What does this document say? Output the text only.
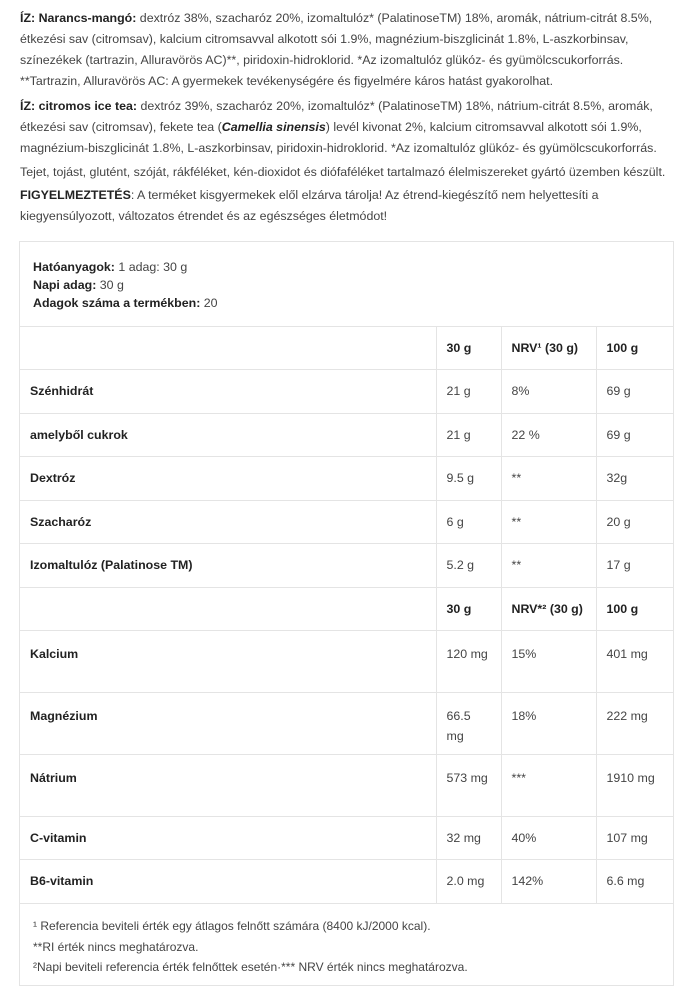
ÍZ: Narancs-mangó: dextróz 38%, szacharóz 20%, izomaltulóz* (PalatinoseTM) 18%, aromák, nátrium-citrát 8.5%, étkezési sav (citromsav), kalcium citromsavval alkotott sói 1.9%, magnézium-biszglicinát 1.8%, L-aszkorbinsav, színezékek (tartrazin, Alluravörös AC)**, piridoxin-hidroklorid. *Az izomaltulóz glükóz- és gyümölcscukorforrás. **Tartrazin, Alluravörös AC: A gyermekek tevékenységére és figyelmére káros hatást gyakorolhat.

ÍZ: citromos ice tea: dextróz 39%, szacharóz 20%, izomaltulóz* (PalatinoseTM) 18%, nátrium-citrát 8.5%, aromák, étkezési sav (citromsav), fekete tea (Camellia sinensis) levél kivonat 2%, kalcium citromsavval alkotott sói 1.9%, magnézium-biszglicinát 1.8%, L-aszkorbinsav, piridoxin-hidroklorid. *Az izomaltulóz glükóz- és gyümölcscukorforrás.

Tejet, tojást, glutént, szóját, rákféléket, kén-dioxidot és diófaféléket tartalmazó élelmiszereket gyártó üzemben készült.

FIGYELMEZTETÉS: A terméket kisgyermekek elől elzárva tárolja! Az étrend-kiegészítő nem helyettesíti a kiegyensúlyozott, változatos étrendet és az egészséges életmódot!

Hatóanyagok: 1 adag: 30 g
Napi adag: 30 g
Adagok száma a termékben: 20
	30 g	NRV¹ (30 g)	100 g
Szénhidrát	21 g	8%	69 g
amelyből cukrok	21 g	22 %	69 g
Dextróz	9.5 g	**	32g
Szacharóz	6 g	**	20 g
Izomaltulóz (Palatinose TM)	5.2 g	**	17 g
	30 g	NRV*² (30 g)	100 g
Kalcium	120 mg	15%	401 mg
Magnézium	66.5 mg	18%	222 mg
Nátrium	573 mg	***	1910 mg
C-vitamin	32 mg	40%	107 mg
B6-vitamin	2.0 mg	142%	6.6 mg
¹ Referencia beviteli érték egy átlagos felnőtt számára (8400 kJ/2000 kcal).
**RI érték nincs meghatározva.
²Napi beviteli referencia érték felnőttek esetén·*** NRV érték nincs meghatározva.
